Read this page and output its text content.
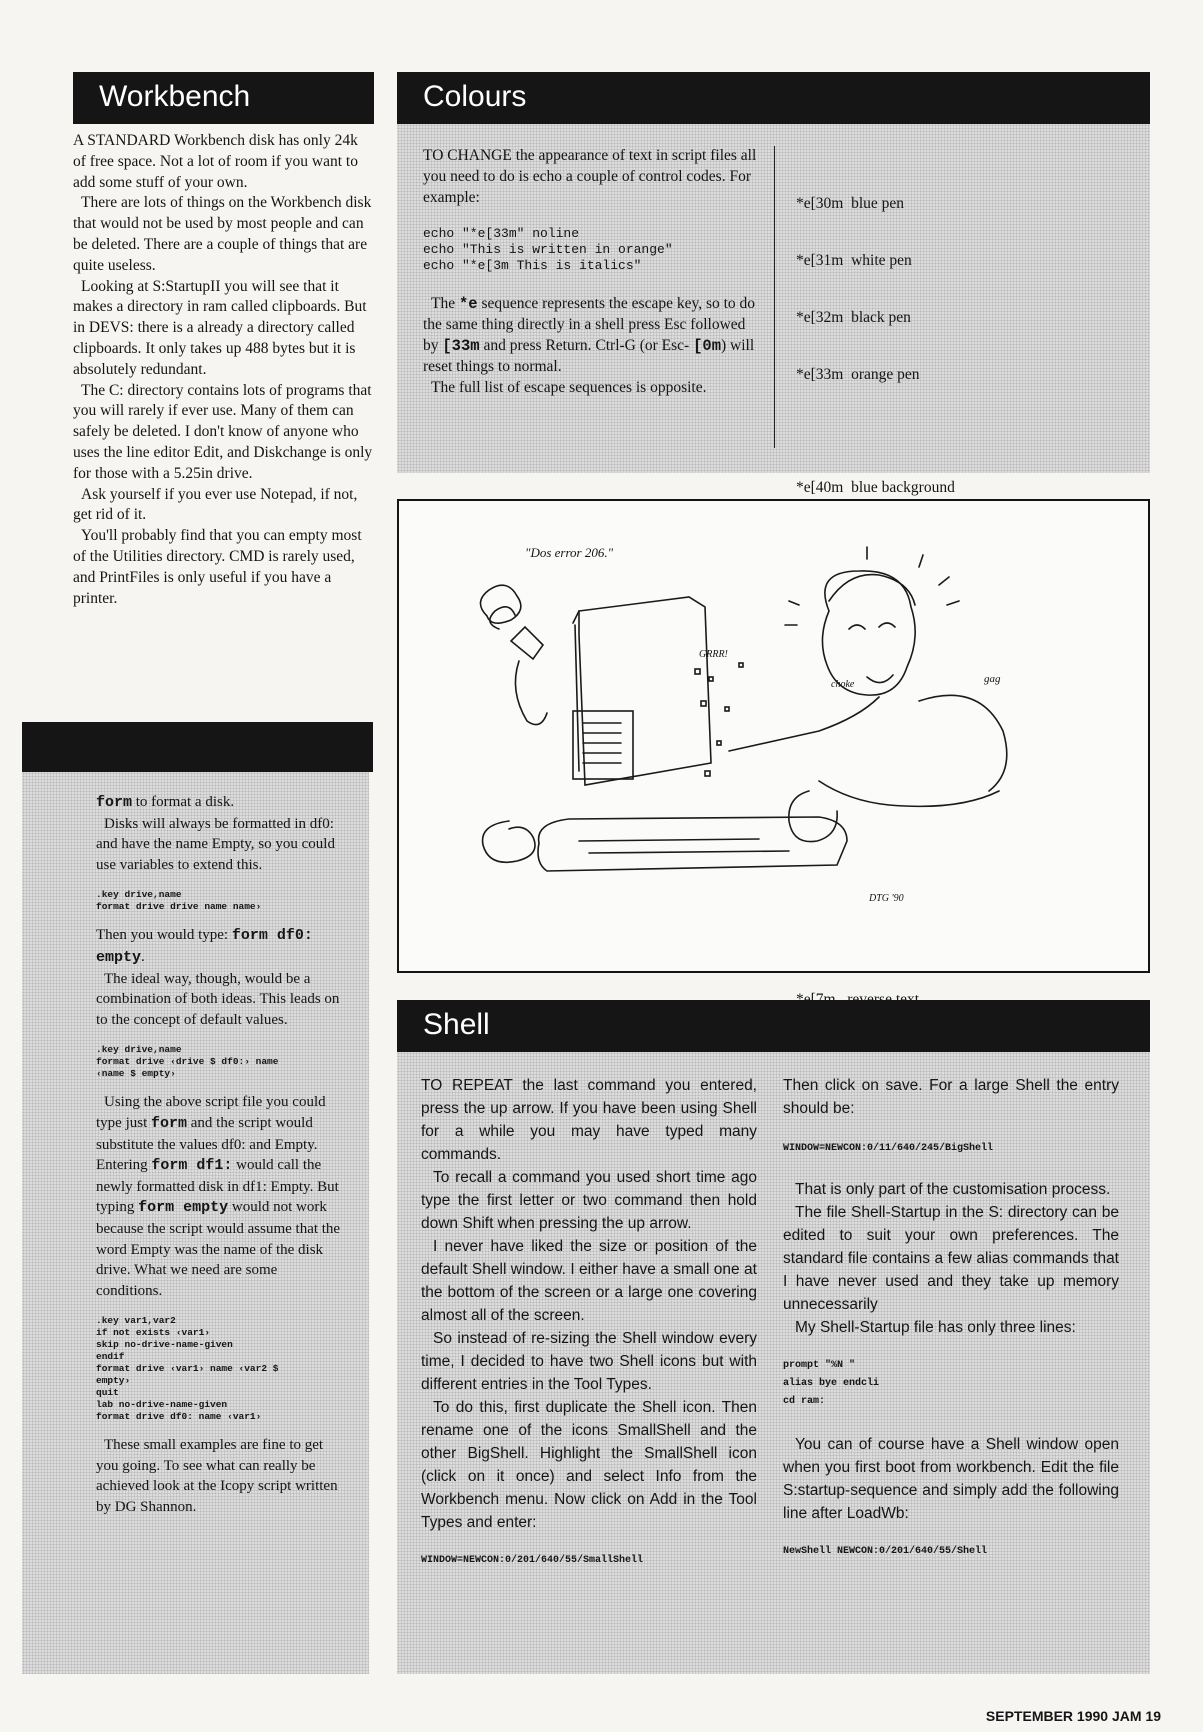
Workbench

A STANDARD Workbench disk has only 24k of free space. Not a lot of room if you want to add some stuff of your own.

There are lots of things on the Workbench disk that would not be used by most people and can be deleted. There are a couple of things that are quite useless.

Looking at S:StartupII you will see that it makes a directory in ram called clipboards. But in DEVS: there is a already a directory called clipboards. It only takes up 488 bytes but it is absolutely redundant.

The C: directory contains lots of programs that you will rarely if ever use. Many of them can safely be deleted. I don't know of anyone who uses the line editor Edit, and Diskchange is only for those with a 5.25in drive.

Ask yourself if you ever use Notepad, if not, get rid of it.

You'll probably find that you can empty most of the Utilities directory. CMD is rarely used, and PrintFiles is only useful if you have a printer.

form to format a disk.

Disks will always be formatted in df0: and have the name Empty, so you could use variables to extend this.

.key drive,name
format drive drive name name›

Then you would type: form df0: empty.

The ideal way, though, would be a combination of both ideas. This leads on to the concept of default values.

.key drive,name
format drive ‹drive $ df0:› name
‹name $ empty›

Using the above script file you could type just form and the script would substitute the values df0: and Empty. Entering form df1: would call the newly formatted disk in df1: Empty. But typing form empty would not work because the script would assume that the word Empty was the name of the disk drive. What we need are some conditions.

.key var1,var2
if not exists ‹var1›
skip no-drive-name-given
endif
format drive ‹var1› name ‹var2 $
empty›
quit
lab no-drive-name-given
format drive df0: name ‹var1›

These small examples are fine to get you going. To see what can really be achieved look at the Icopy script written by DG Shannon.

Colours

TO CHANGE the appearance of text in script files all you need to do is echo a couple of control codes. For example:

echo "*e[33m" noline
echo "This is written in orange"
echo "*e[3m This is italics"

The *e sequence represents the escape key, so to do the same thing directly in a shell press Esc followed by [33m and press Return. Ctrl-G (or Esc- [0m) will reset things to normal.

The full list of escape sequences is opposite.

*e[30m  blue pen

*e[31m  white pen

*e[32m  black pen

*e[33m  orange pen

*e[40m  blue background

"Dos error 206."
GRRR!
choke	gag
DTG '90
Shell

TO REPEAT the last command you entered, press the up arrow. If you have been using Shell for a while you may have typed many commands.

To recall a command you used short time ago type the first letter or two command then hold down Shift when pressing the up arrow.

I never have liked the size or position of the default Shell window. I either have a small one at the bottom of the screen or a large one covering almost all of the screen.

So instead of re-sizing the Shell window every time, I decided to have two Shell icons but with different entries in the Tool Types.

To do this, first duplicate the Shell icon. Then rename one of the icons SmallShell and the other BigShell. Highlight the SmallShell icon (click on it once) and select Info from the Workbench menu. Now click on Add in the Tool Types and enter:

WINDOW=NEWCON:0/201/640/55/SmallShell

Then click on save. For a large Shell the entry should be:

WINDOW=NEWCON:0/11/640/245/BigShell

That is only part of the customisation process.

The file Shell-Startup in the S: directory can be edited to suit your own preferences. The standard file contains a few alias commands that I have never used and they take up memory unnecessarily

My Shell-Startup file has only three lines:

prompt "%N "
alias bye endcli
cd ram:

You can of course have a Shell window open when you first boot from workbench. Edit the file S:startup-sequence and simply add the following line after LoadWb:

NewShell NEWCON:0/201/640/55/Shell
SEPTEMBER 1990 JAM 19
